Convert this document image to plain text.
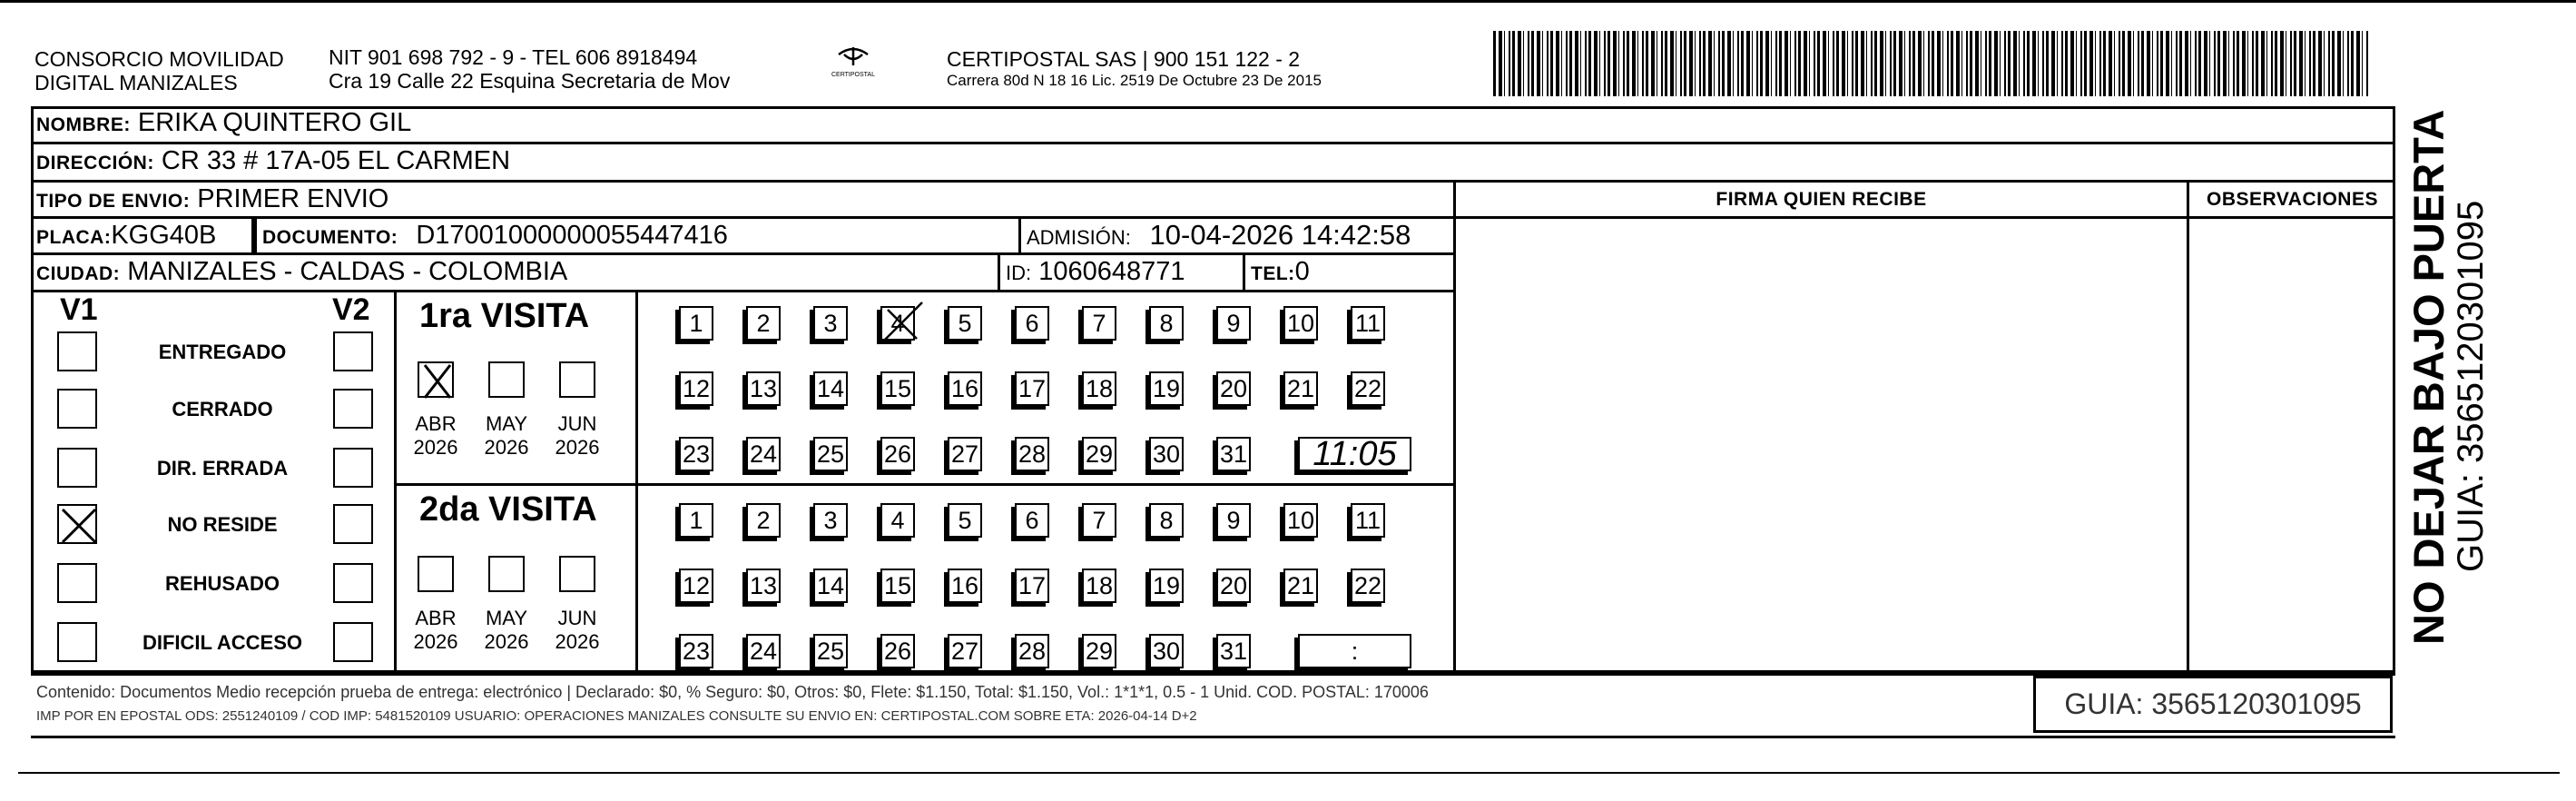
CONSORCIO MOVILIDAD
DIGITAL MANIZALES
NIT 901 698 792 - 9 - TEL 606 8918494
Cra 19 Calle 22 Esquina Secretaria de Mov	CERTIPOSTAL
CERTIPOSTAL SAS | 900 151 122 - 2
Carrera 80d N 18 16 Lic. 2519 De Octubre 23 De 2015
NOMBRE: ERIKA QUINTERO GIL
DIRECCIÓN: CR 33 # 17A-05 EL CARMEN
TIPO DE ENVIO: PRIMER ENVIO
PLACA:KGG40B	DOCUMENTO: D17001000000055447416	ADMISIÓN: 10-04-2026 14:42:58
CIUDAD: MANIZALES - CALDAS - COLOMBIA	ID: 1060648771	TEL:0
FIRMA QUIEN RECIBE	OBSERVACIONES
V1	V2
ENTREGADO
CERRADO
DIR. ERRADA
NO RESIDE
REHUSADO
DIFICIL ACCESO
1ra VISITA
2da VISITA
ABR
2026
MAY
2026
JUN
2026
ABR
2026
MAY
2026
JUN
2026
1	2	3	4	5	6	7	8	9	10 11
12 13 14 15 16 17 18 19 20 21 22
23 24 25 26 27 28 29 30 31	11:05
1	2	3	4	5	6	7	8	9	10 11
12 13 14 15 16 17 18 19 20 21 22
23 24 25 26 27 28 29 30 31	:
Contenido: Documentos Medio recepción prueba de entrega: electrónico | Declarado: $0, % Seguro: $0, Otros: $0, Flete: $1.150, Total: $1.150, Vol.: 1*1*1, 0.5 - 1 Unid. COD. POSTAL: 170006
IMP POR EN EPOSTAL ODS: 2551240109 / COD IMP: 5481520109 USUARIO: OPERACIONES MANIZALES CONSULTE SU ENVIO EN: CERTIPOSTAL.COM SOBRE ETA: 2026-04-14 D+2	GUIA: 3565120301095
NO DEJAR BAJO PUERTA
GUIA: 3565120301095
